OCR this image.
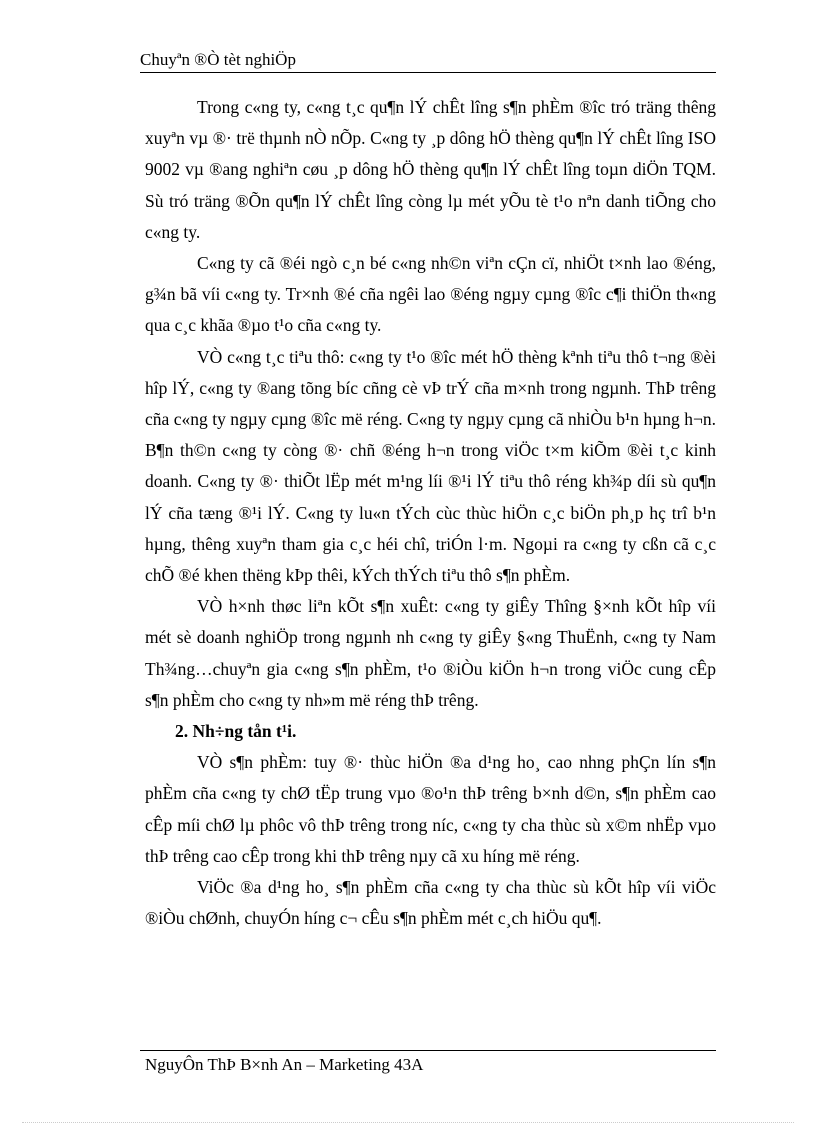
Chuyªn ®Ò tèt nghiÖp

Trong c«ng ty, c«ng t¸c qu¶n lÝ chÊt lîng s¶n phÈm ®îc tró träng thêng xuyªn vµ ®· trë thµnh nÒ nÕp. C«ng ty ¸p dông hÖ thèng qu¶n lÝ chÊt lîng ISO 9002 vµ ®ang nghiªn cøu ¸p dông hÖ thèng qu¶n lÝ chÊt lîng toµn diÖn TQM. Sù tró träng ®Õn qu¶n lÝ chÊt lîng còng lµ mét yÕu tè t¹o nªn danh tiÕng cho c«ng ty.

C«ng ty cã ®éi ngò c¸n bé c«ng nh©n viªn cÇn cï, nhiÖt t×nh lao ®éng, g¾n bã víi c«ng ty. Tr×nh ®é cña ngêi lao ®éng ngµy cµng ®îc c¶i thiÖn th«ng qua c¸c khãa ®µo t¹o cña c«ng ty.

VÒ c«ng t¸c tiªu thô: c«ng ty t¹o ®îc mét hÖ thèng kªnh tiªu thô t¬ng ®èi hîp lÝ, c«ng ty ®ang tõng bíc cñng cè vÞ trÝ cña m×nh trong ngµnh. ThÞ trêng cña c«ng ty ngµy cµng ®îc më réng. C«ng ty ngµy cµng cã nhiÒu b¹n hµng h¬n. B¶n th©n c«ng ty còng ®· chñ ®éng h¬n trong viÖc t×m kiÕm ®èi t¸c kinh doanh. C«ng ty ®· thiÕt lËp mét m¹ng líi ®¹i lÝ tiªu thô réng kh¾p díi sù qu¶n lÝ cña tæng ®¹i lÝ. C«ng ty lu«n tÝch cùc thùc hiÖn c¸c biÖn ph¸p hç trî b¹n hµng, thêng xuyªn tham gia c¸c héi chî, triÓn l·m. Ngoµi ra c«ng ty cßn cã c¸c chÕ ®é khen thëng kÞp thêi, kÝch thÝch tiªu thô s¶n phÈm.

VÒ h×nh thøc liªn kÕt s¶n xuÊt: c«ng ty giÊy Thîng §×nh kÕt hîp víi mét sè doanh nghiÖp trong ngµnh nh c«ng ty giÊy §«ng ThuËnh, c«ng ty Nam Th¾ng…chuyªn gia c«ng s¶n phÈm, t¹o ®iÒu kiÖn h¬n trong viÖc cung cÊp s¶n phÈm cho c«ng ty nh»m më réng thÞ trêng.

2. Nh÷ng tån t¹i.

VÒ s¶n phÈm: tuy ®· thùc hiÖn ®a d¹ng ho¸ cao nhng phÇn lín s¶n phÈm cña c«ng ty chØ tËp trung vµo ®o¹n thÞ trêng b×nh d©n, s¶n phÈm cao cÊp míi chØ lµ phôc vô thÞ trêng trong níc, c«ng ty cha thùc sù x©m nhËp vµo thÞ trêng cao cÊp trong khi thÞ trêng nµy cã xu híng më réng.

ViÖc ®a d¹ng ho¸ s¶n phÈm cña c«ng ty cha thùc sù kÕt hîp víi viÖc ®iÒu chØnh, chuyÓn híng c¬ cÊu s¶n phÈm mét c¸ch hiÖu qu¶.

NguyÔn ThÞ B×nh An – Marketing 43A
